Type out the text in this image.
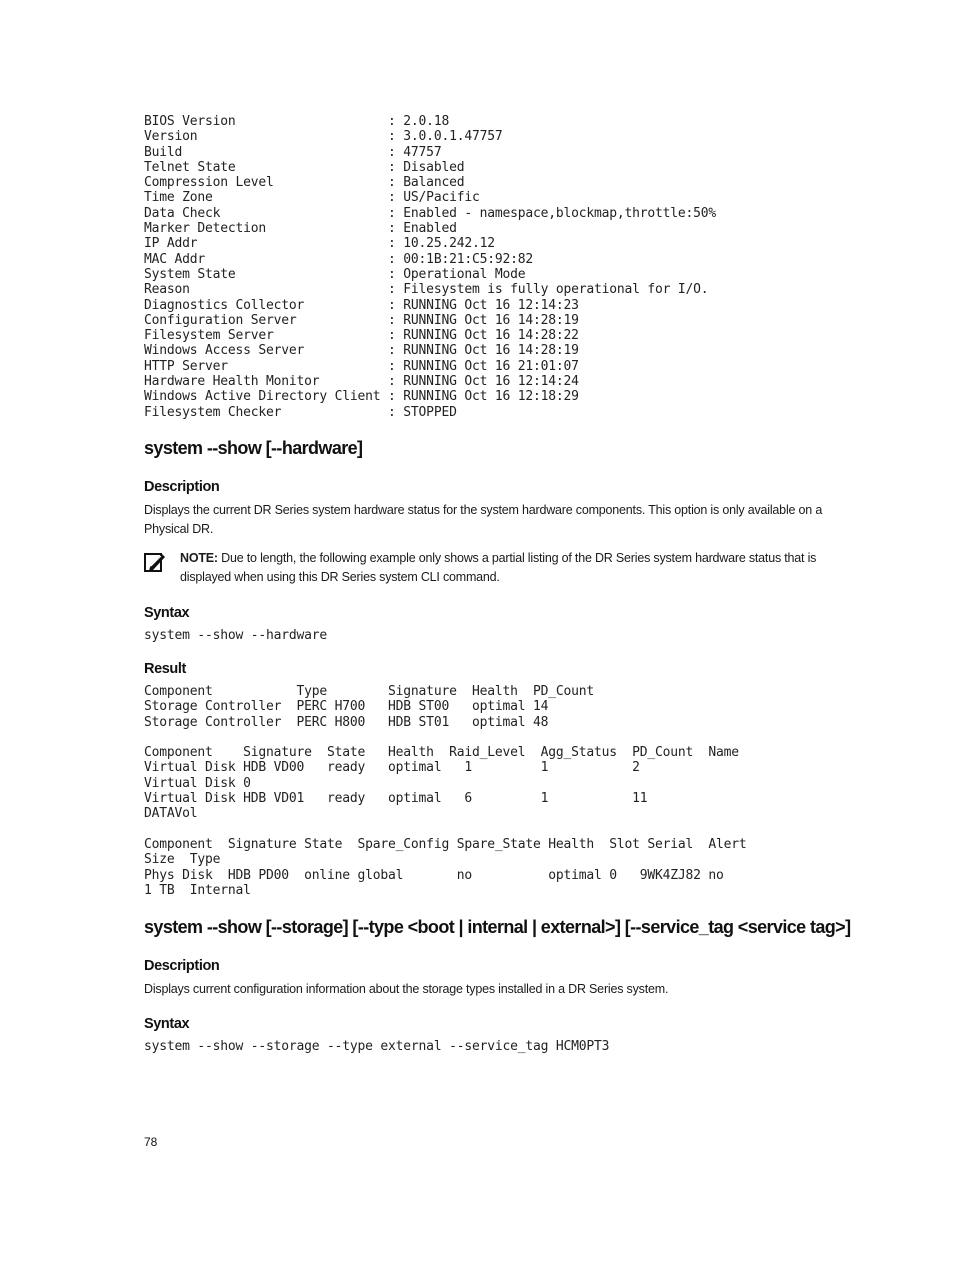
BIOS Version                    : 2.0.18
Version                         : 3.0.0.1.47757
Build                           : 47757
Telnet State                    : Disabled
Compression Level               : Balanced
Time Zone                       : US/Pacific
Data Check                      : Enabled - namespace,blockmap,throttle:50%
Marker Detection                : Enabled
IP Addr                         : 10.25.242.12
MAC Addr                        : 00:1B:21:C5:92:82
System State                    : Operational Mode
Reason                          : Filesystem is fully operational for I/O.
Diagnostics Collector           : RUNNING Oct 16 12:14:23
Configuration Server            : RUNNING Oct 16 14:28:19
Filesystem Server               : RUNNING Oct 16 14:28:22
Windows Access Server           : RUNNING Oct 16 14:28:19
HTTP Server                     : RUNNING Oct 16 21:01:07
Hardware Health Monitor         : RUNNING Oct 16 12:14:24
Windows Active Directory Client : RUNNING Oct 16 12:18:29
Filesystem Checker              : STOPPED
system --show [--hardware]
Description

Displays the current DR Series system hardware status for the system hardware components. This option is only available on a Physical DR.

NOTE: Due to length, the following example only shows a partial listing of the DR Series system hardware status that is displayed when using this DR Series system CLI command.

Syntax
system --show --hardware
Result
Component           Type        Signature  Health  PD_Count
Storage Controller  PERC H700   HDB ST00   optimal 14
Storage Controller  PERC H800   HDB ST01   optimal 48

Component    Signature  State   Health  Raid_Level  Agg_Status  PD_Count  Name
Virtual Disk HDB VD00   ready   optimal   1         1           2
Virtual Disk 0
Virtual Disk HDB VD01   ready   optimal   6         1           11
DATAVol

Component  Signature State  Spare_Config Spare_State Health  Slot Serial  Alert
Size  Type
Phys Disk  HDB PD00  online global       no          optimal 0   9WK4ZJ82 no
1 TB  Internal
system --show [--storage] [--type <boot | internal | external>] [--service_tag <service tag>]
Description

Displays current configuration information about the storage types installed in a DR Series system.

Syntax
system --show --storage --type external --service_tag HCM0PT3
78
